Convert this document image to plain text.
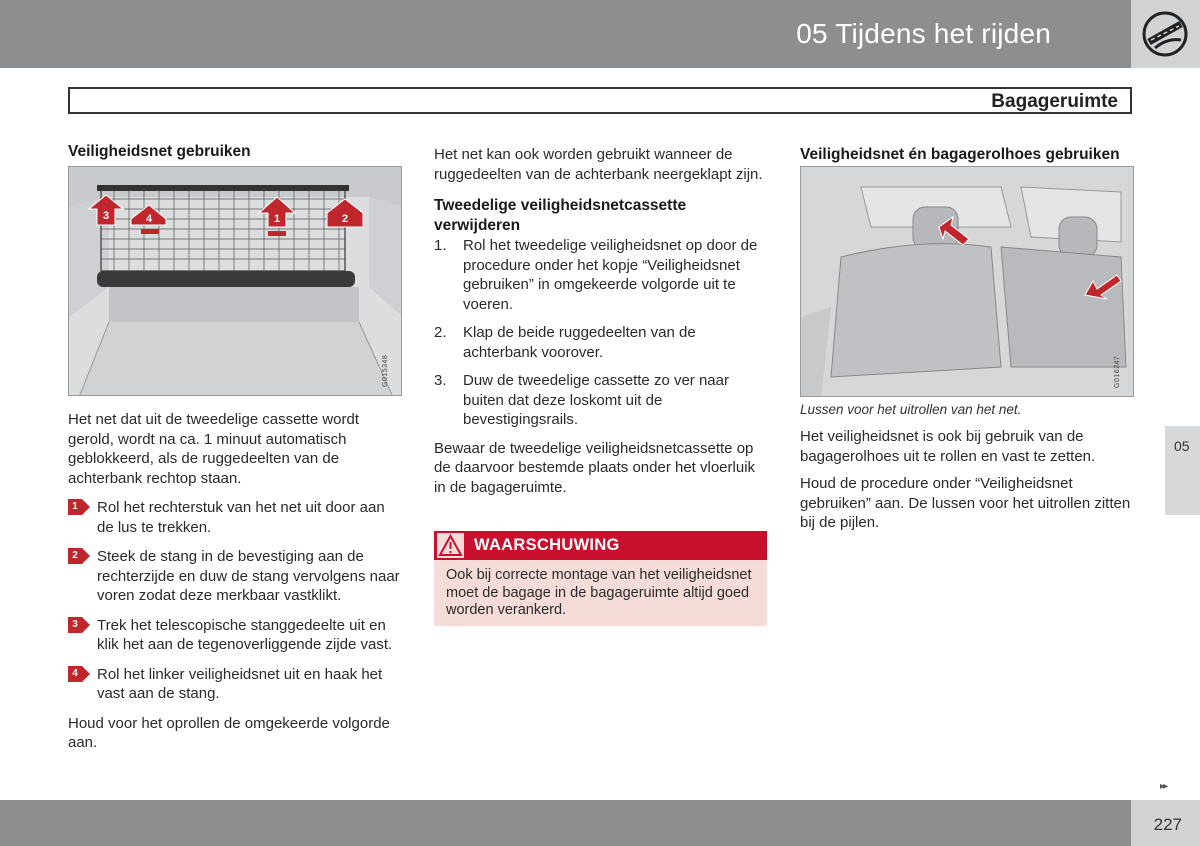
05 Tijdens het rijden
Bagageruimte
Veiligheidsnet gebruiken
3	4	1	2
G015348

Het net dat uit de tweedelige cassette wordt gerold, wordt na ca. 1 minuut automatisch geblokkeerd, als de ruggedeelten van de achterbank rechtop staan.

1 Rol het rechterstuk van het net uit door aan de lus te trekken.
2 Steek de stang in de bevestiging aan de rechterzijde en duw de stang vervolgens naar voren zodat deze merkbaar vastklikt.
3 Trek het telescopische stanggedeelte uit en klik het aan de tegenoverliggende zijde vast.
4 Rol het linker veiligheidsnet uit en haak het vast aan de stang.

Houd voor het oprollen de omgekeerde volgorde aan.

Het net kan ook worden gebruikt wanneer de ruggedeelten van de achterbank neergeklapt zijn.

Tweedelige veiligheidsnetcassette verwijderen
1. Rol het tweedelige veiligheidsnet op door de procedure onder het kopje “Veiligheidsnet gebruiken” in omgekeerde volgorde uit te voeren.
2. Klap de beide ruggedeelten van de achterbank voorover.
3. Duw de tweedelige cassette zo ver naar buiten dat deze loskomt uit de bevestigingsrails.

Bewaar de tweedelige veiligheidsnetcassette op de daarvoor bestemde plaats onder het vloerluik in de bagageruimte.

WAARSCHUWING
Ook bij correcte montage van het veiligheidsnet moet de bagage in de bagageruimte altijd goed worden verankerd.
Veiligheidsnet én bagagerolhoes gebruiken
G016247

Lussen voor het uitrollen van het net.

Het veiligheidsnet is ook bij gebruik van de bagagerolhoes uit te rollen en vast te zetten.

Houd de procedure onder “Veiligheidsnet gebruiken” aan. De lussen voor het uitrollen zitten bij de pijlen.

05
▸▸
227
